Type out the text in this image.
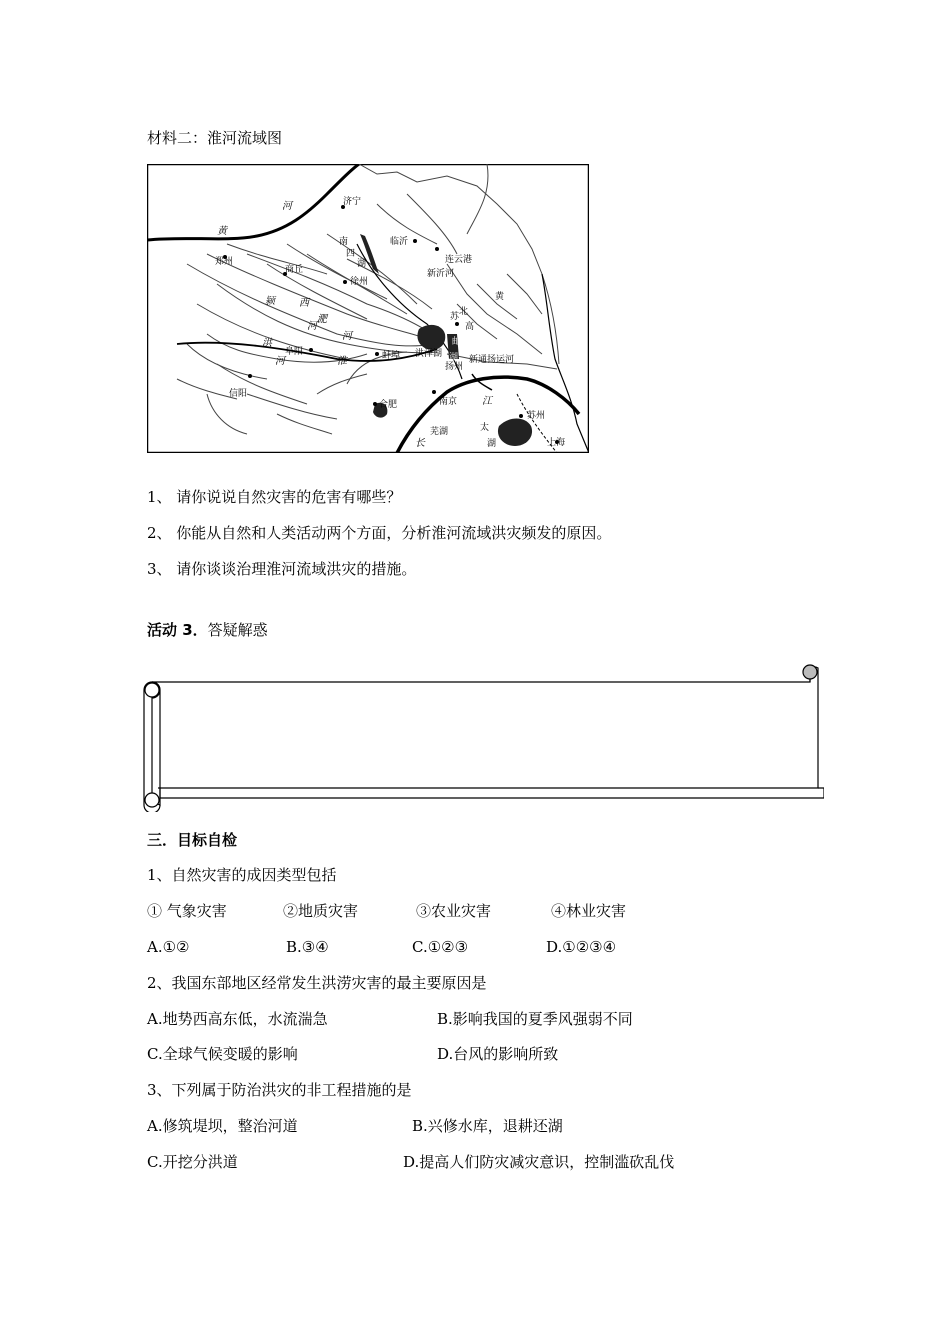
材料二：淮河流域图
黄
河	济宁
南
四
湖
临沂
连云港
新沂河
郑州
商丘
徐州
颍
洪
河
西
河
淝
阜阳
河
淮	蚌埠 洪泽湖
苏 北
高
邮
湖
扬州
新通扬运河
黄
信阳
合肥	南京 江
长
芜湖	太
湖
苏州
上海
1、 请你说说自然灾害的危害有哪些？
2、 你能从自然和人类活动两个方面，分析淮河流域洪灾频发的原因。
3、 请你谈谈治理淮河流域洪灾的措施。
活动 3．答疑解惑
三．目标自检
1、自然灾害的成因类型包括
① 气象灾害	②地质灾害	③农业灾害	④林业灾害
A.①②	B.③④	C.①②③	D.①②③④
2、我国东部地区经常发生洪涝灾害的最主要原因是
A.地势西高东低，水流湍急	B.影响我国的夏季风强弱不同
C.全球气候变暖的影响	D.台风的影响所致
3、下列属于防治洪灾的非工程措施的是
A.修筑堤坝，整治河道	B.兴修水库，退耕还湖
C.开挖分洪道	D.提高人们防灾减灾意识，控制滥砍乱伐
